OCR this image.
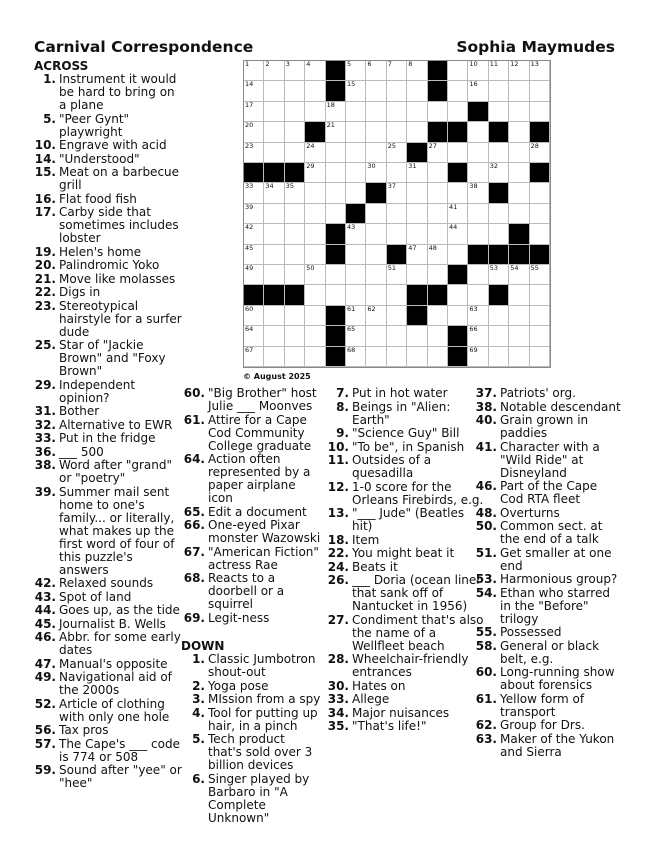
Carnival Correspondence	Sophia Maymudes
1	2	3	4	5	6	7	8	10 11 12 13
14	15	16
17	18
20	21
23	24	25	27	28
29	30	31	32
33 34 35	37	38
39	41
42	43	44
45	47 48
49	50	51	53 54 55
60	61 62	63
64	65	66
67	68	69
© August 2025
ACROSS
1. Instrument it would be hard to bring on a plane
5. "Peer Gynt" playwright
10. Engrave with acid
14. "Understood"
15. Meat on a barbecue grill
16. Flat food fish
17. Carby side that sometimes includes lobster
19. Helen's home
20. Palindromic Yoko
21. Move like molasses
22. Digs in
23. Stereotypical hairstyle for a surfer dude
25. Star of "Jackie Brown" and "Foxy Brown"
29. Independent opinion?
31. Bother
32. Alternative to EWR
33. Put in the fridge
36. ___ 500
38. Word after "grand" or "poetry"
39. Summer mail sent home to one's family... or literally, what makes up the first word of four of this puzzle's answers
42. Relaxed sounds
43. Spot of land
44. Goes up, as the tide
45. Journalist B. Wells
46. Abbr. for some early dates
47. Manual's opposite
49. Navigational aid of the 2000s
52. Article of clothing with only one hole
56. Tax pros
57. The Cape's ___ code is 774 or 508
59. Sound after "yee" or "hee"
60. "Big Brother" host Julie ___ Moonves
61. Attire for a Cape Cod Community College graduate
64. Action often represented by a paper airplane icon
65. Edit a document
66. One-eyed Pixar monster Wazowski
67. "American Fiction" actress Rae
68. Reacts to a doorbell or a squirrel
69. Legit-ness
DOWN
1. Classic Jumbotron shout-out
2. Yoga pose
3. MIssion from a spy
4. Tool for putting up hair, in a pinch
5. Tech product that's sold over 3 billion devices
6. Singer played by Barbaro in "A Complete Unknown"
7. Put in hot water
8. Beings in "Alien: Earth"
9. "Science Guy" Bill
10. "To be", in Spanish
11. Outsides of a quesadilla
12. 1-0 score for the Orleans Firebirds, e.g.
13. "___ Jude" (Beatles hit)
18. Item
22. You might beat it
24. Beats it
26. ___ Doria (ocean liner that sank off of Nantucket in 1956)
27. Condiment that's also the name of a Wellfleet beach
28. Wheelchair-friendly entrances
30. Hates on
33. Allege
34. Major nuisances
35. "That's life!"
37. Patriots' org.
38. Notable descendant
40. Grain grown in paddies
41. Character with a "Wild Ride" at Disneyland
46. Part of the Cape Cod RTA fleet
48. Overturns
50. Common sect. at the end of a talk
51. Get smaller at one end
53. Harmonious group?
54. Ethan who starred in the "Before" trilogy
55. Possessed
58. General or black belt, e.g.
60. Long-running show about forensics
61. Yellow form of transport
62. Group for Drs.
63. Maker of the Yukon and Sierra
